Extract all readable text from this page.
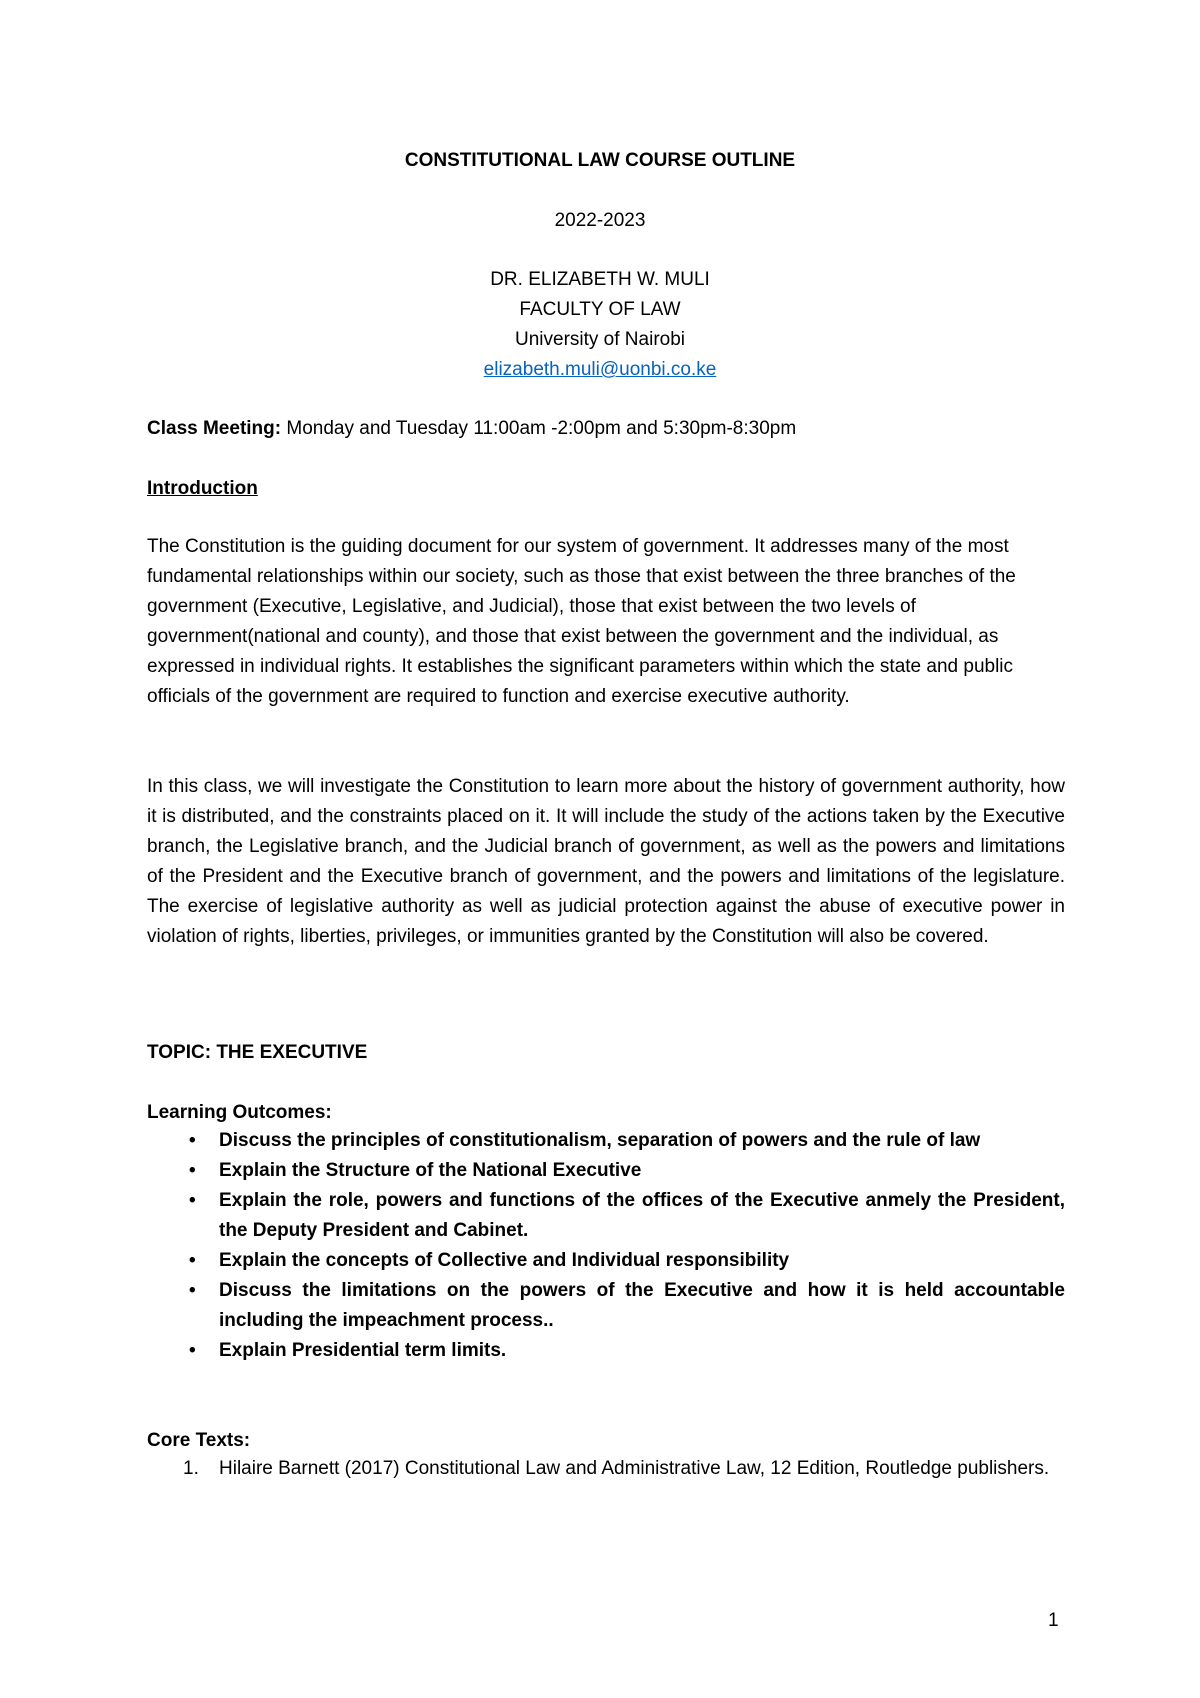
CONSTITUTIONAL LAW COURSE OUTLINE

2022-2023

DR. ELIZABETH W. MULI

FACULTY OF LAW

University of Nairobi

elizabeth.muli@uonbi.co.ke

Class Meeting: Monday and Tuesday 11:00am -2:00pm and 5:30pm-8:30pm

Introduction

The Constitution is the guiding document for our system of government. It addresses many of the most fundamental relationships within our society, such as those that exist between the three branches of the government (Executive, Legislative, and Judicial), those that exist between the two levels of government(national and county), and those that exist between the government and the individual, as expressed in individual rights. It establishes the significant parameters within which the state and public officials of the government are required to function and exercise executive authority.

In this class, we will investigate the Constitution to learn more about the history of government authority, how it is distributed, and the constraints placed on it. It will include the study of the actions taken by the Executive branch, the Legislative branch, and the Judicial branch of government, as well as the powers and limitations of the President and the Executive branch of government, and the powers and limitations of the legislature. The exercise of legislative authority as well as judicial protection against the abuse of executive power in violation of rights, liberties, privileges, or immunities granted by the Constitution will also be covered.

TOPIC: THE EXECUTIVE

Learning Outcomes:

• Discuss the principles of constitutionalism, separation of powers and the rule of law
• Explain the Structure of the National Executive
• Explain the role, powers and functions of the offices of the Executive anmely the President, the Deputy President and Cabinet.
• Explain the concepts of Collective and Individual responsibility
• Discuss the limitations on the powers of the Executive and how it is held accountable including the impeachment process..
• Explain Presidential term limits.

Core Texts:

1. Hilaire Barnett (2017) Constitutional Law and Administrative Law, 12 Edition, Routledge publishers.
1
